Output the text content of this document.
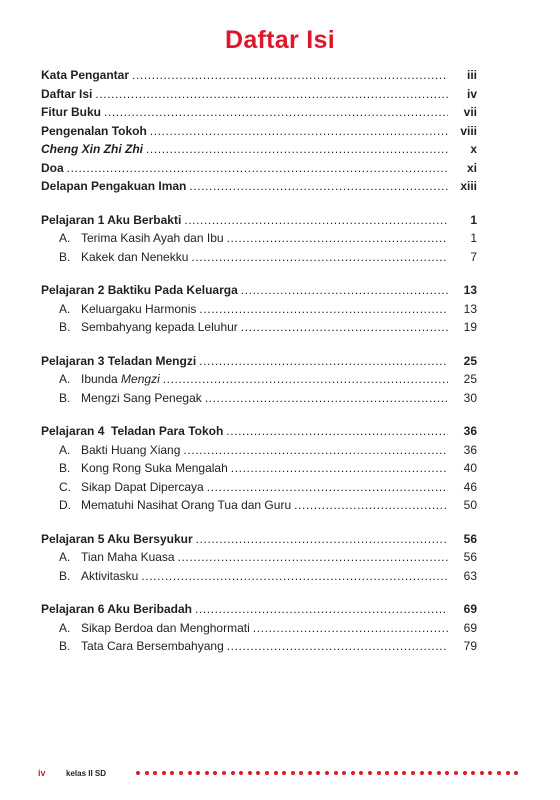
Daftar Isi
Kata Pengantar .....	iii
Daftar Isi .....	iv
Fitur Buku .....	vii
Pengenalan Tokoh .....	viii
Cheng Xin Zhi Zhi .....	x
Doa .....	xi
Delapan Pengakuan Iman .....	xiii
Pelajaran 1 Aku Berbakti .....	1
A. Terima Kasih Ayah dan Ibu .....	1
B. Kakek dan Nenekku .....	7
Pelajaran 2 Baktiku Pada Keluarga .....	13
A. Keluargaku Harmonis .....	13
B. Sembahyang kepada Leluhur .....	19
Pelajaran 3 Teladan Mengzi .....	25
A. Ibunda Mengzi .....	25
B. Mengzi Sang Penegak .....	30
Pelajaran 4  Teladan Para Tokoh .....	36
A. Bakti Huang Xiang .....	36
B. Kong Rong Suka Mengalah .....	40
C. Sikap Dapat Dipercaya .....	46
D. Mematuhi Nasihat Orang Tua dan Guru .....	50
Pelajaran 5 Aku Bersyukur .....	56
A. Tian Maha Kuasa .....	56
B. Aktivitasku .....	63
Pelajaran 6 Aku Beribadah .....	69
A. Sikap Berdoa dan Menghormati .....	69
B. Tata Cara Bersembahyang .....	79
iv	kelas II SD
